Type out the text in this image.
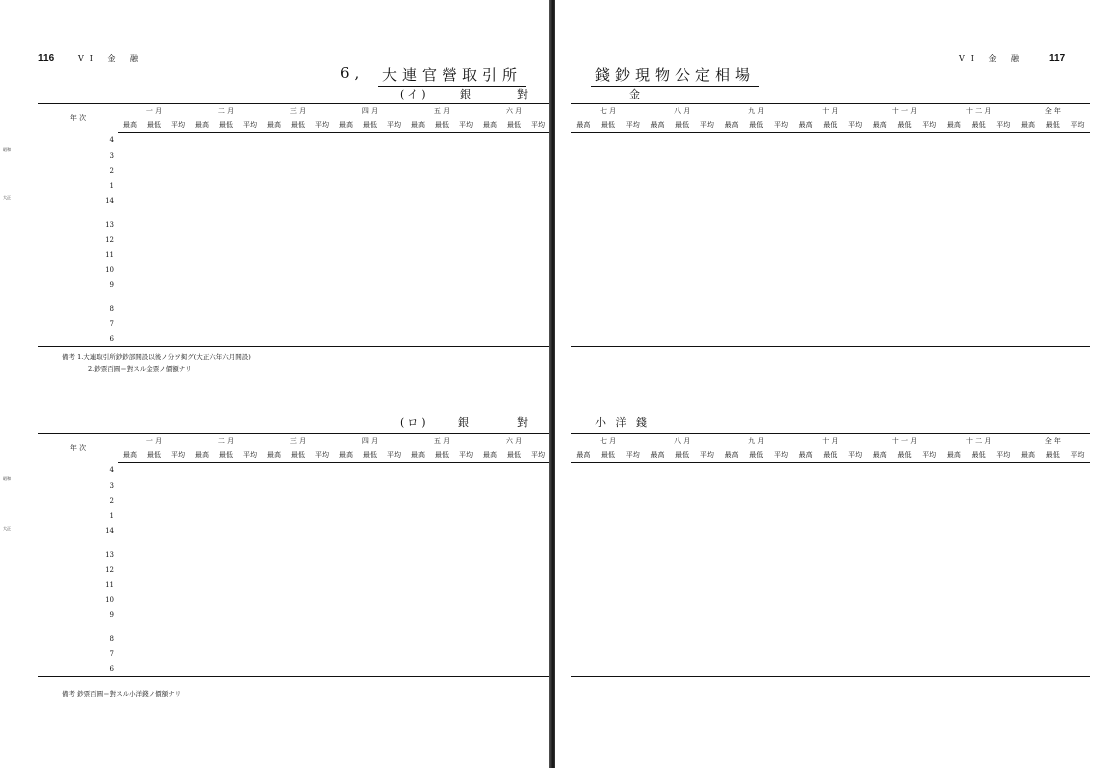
116	VI 金 融
6, 大連官營取引所
(イ)	銀	對
年 次	一 月			二 月			三 月			四 月			五 月			六 月		
	最高	最低	平均	最高	最低	平均	最高	最低	平均	最高	最低	平均	最高	最低	平均	最高	最低	平均
4																		
3																		
2																		
1																		
14																		

13																		
12																		
11																		
10																		
9																		

8																		
7																		
6																		
昭和
大正
備考 1.大連取引所鈔鈔部開設以後ノ分ヲ掲グ(大正六年六月開設)
2.鈔票百圓＝對スル金票ノ價額ナリ
(ロ)	銀	對
年 次	一 月			二 月			三 月			四 月			五 月			六 月		
	最高	最低	平均	最高	最低	平均	最高	最低	平均	最高	最低	平均	最高	最低	平均	最高	最低	平均
4																		
3																		
2																		
1																		
14																		

13																		
12																		
11																		
10																		
9																		

8																		
7																		
6																		
昭和
大正
備考 鈔票百圓＝對スル小洋錢ノ價額ナリ
VI 金 融 117
錢鈔現物公定相場
金
七 月			八 月			九 月			十 月			十 一 月			十 二 月			全 年		
最高	最低	平均	最高	最低	平均	最高	最低	平均	最高	最低	平均	最高	最低	平均	最高	最低	平均	最高	最低	平均

小 洋 錢
七 月			八 月			九 月			十 月			十 一 月			十 二 月			全 年		
最高	最低	平均	最高	最低	平均	最高	最低	平均	最高	最低	平均	最高	最低	平均	最高	最低	平均	最高	最低	平均
